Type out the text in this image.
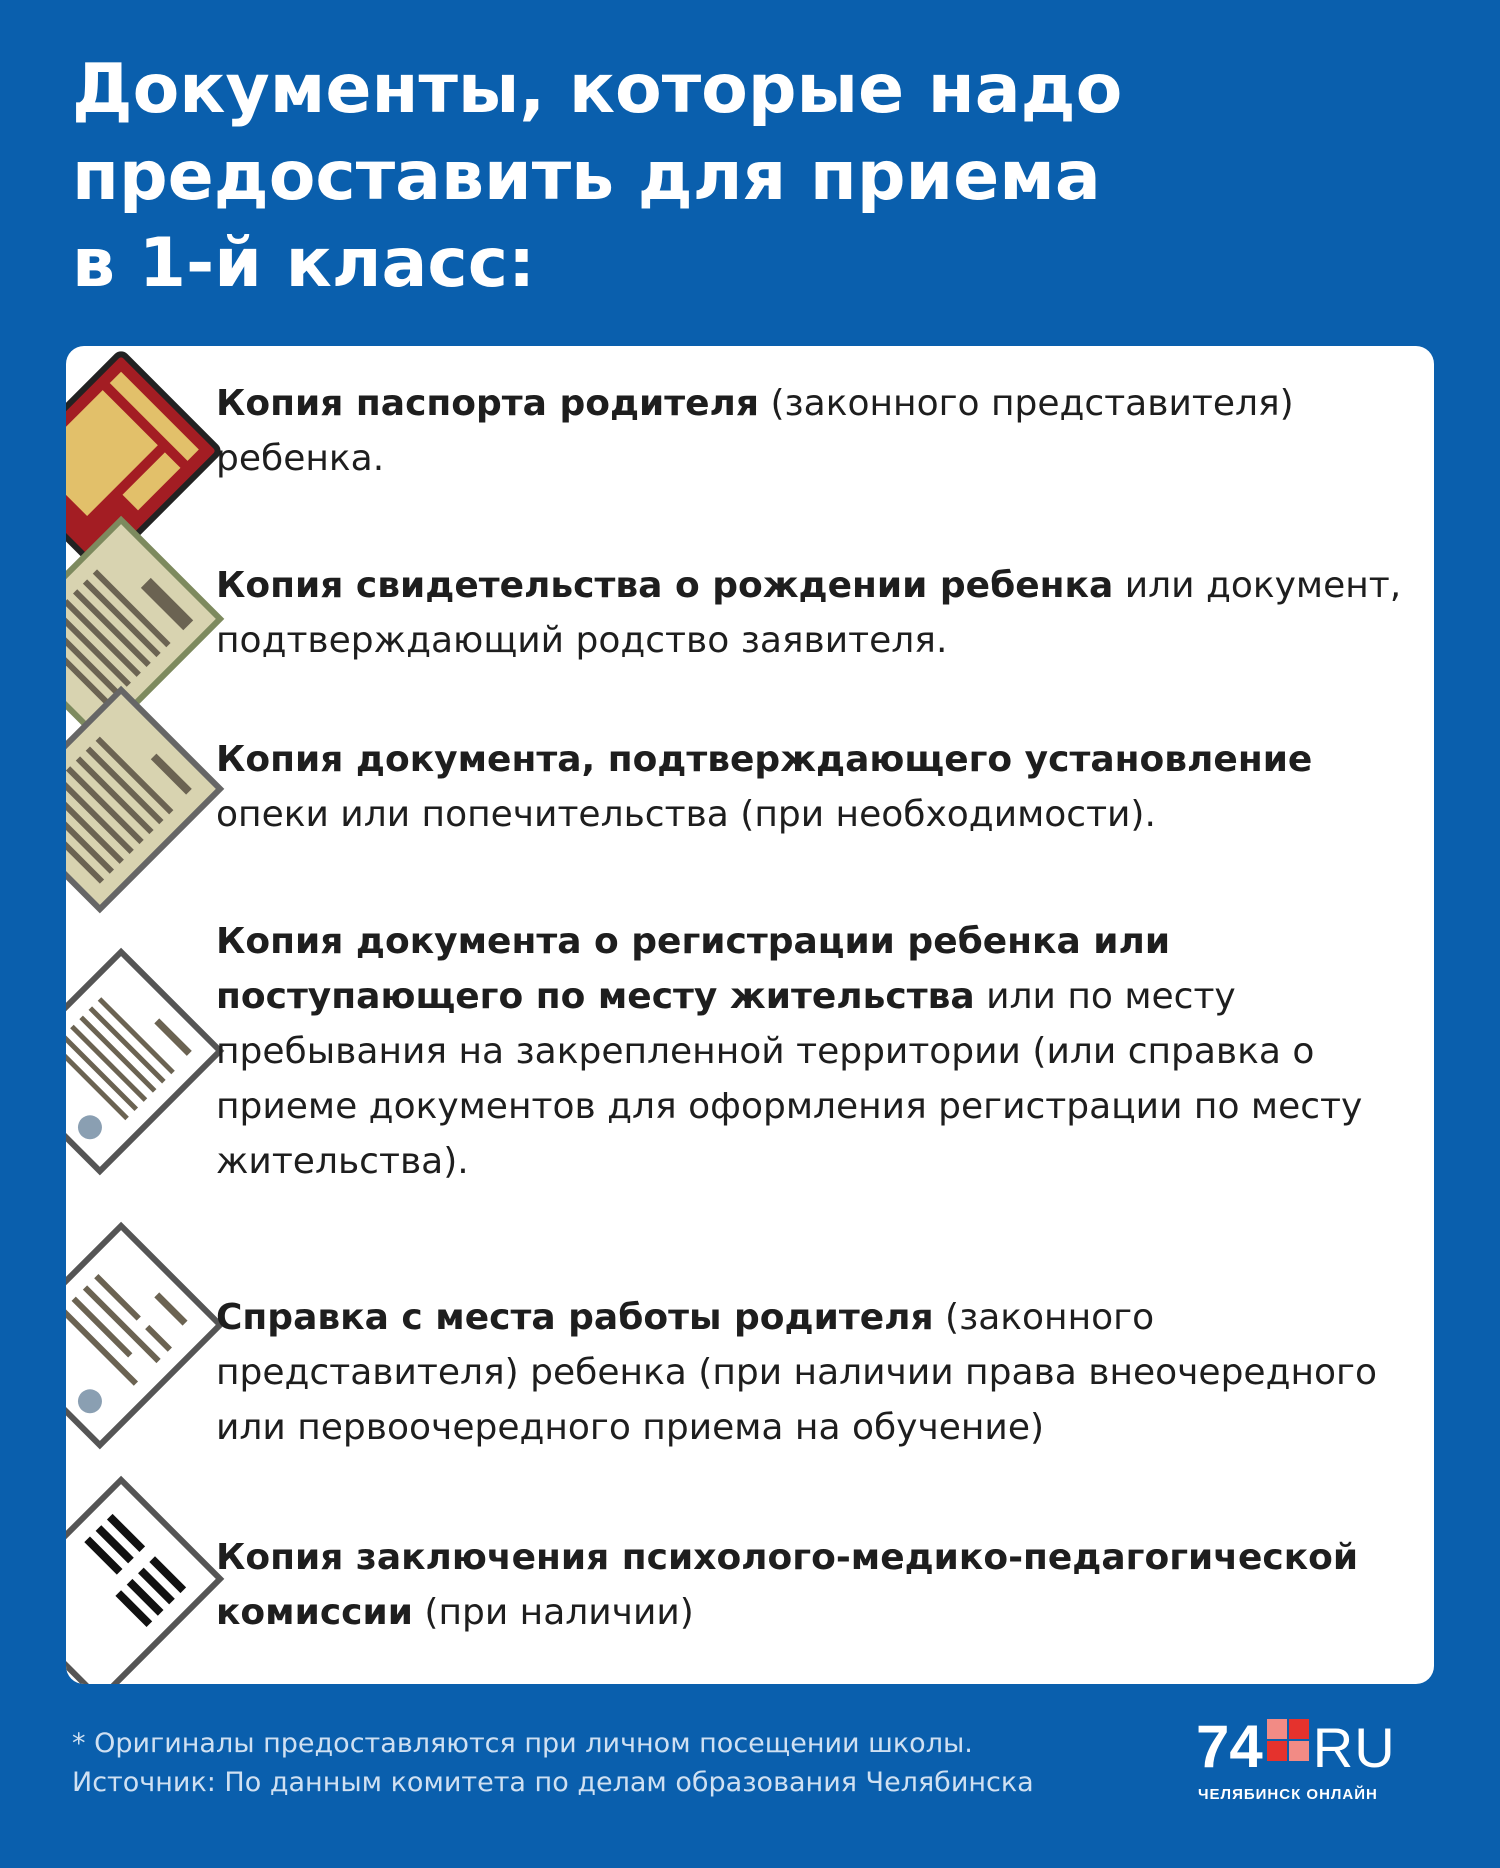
Документы, которые надо
предоставить для приема
в 1-й класс:

Копия паспорта родителя (законного представителя) ребенка.

Копия свидетельства о рождении ребенка или документ, подтверждающий родство заявителя.

Копия документа, подтверждающего установление опеки или попечительства (при необходимости).

Копия документа о регистрации ребенка или поступающего по месту жительства или по месту пребывания на закрепленной территории (или справка о приеме документов для оформления регистрации по месту жительства).

Справка с места работы родителя (законного представителя) ребенка (при наличии права внеочередного или первоочередного приема на обучение)

Копия заключения психолого-медико-педагогической комиссии (при наличии)

* Оригиналы предоставляются при личном посещении школы.
Источник: По данным комитета по делам образования Челябинска
74 RU
ЧЕЛЯБИНСК ОНЛАЙН
